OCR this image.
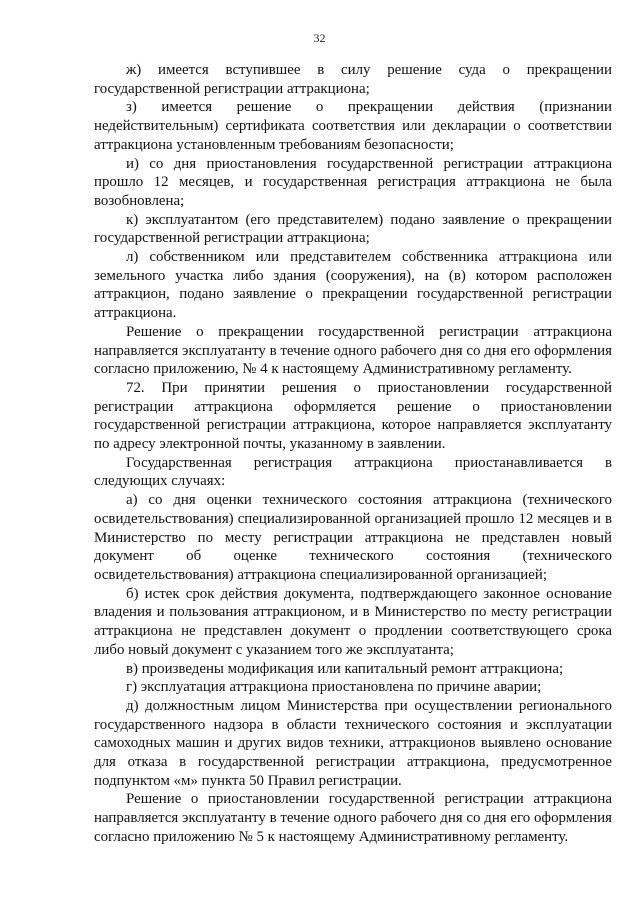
32

ж) имеется вступившее в силу решение суда о прекращении государственной регистрации аттракциона;

з) имеется решение о прекращении действия (признании недействительным) сертификата соответствия или декларации о соответствии аттракциона установленным требованиям безопасности;

и) со дня приостановления государственной регистрации аттракциона прошло 12 месяцев, и государственная регистрация аттракциона не была возобновлена;

к) эксплуатантом (его представителем) подано заявление о прекращении государственной регистрации аттракциона;

л) собственником или представителем собственника аттракциона или земельного участка либо здания (сооружения), на (в) котором расположен аттракцион, подано заявление о прекращении государственной регистрации аттракциона.

Решение о прекращении государственной регистрации аттракциона направляется эксплуатанту в течение одного рабочего дня со дня его оформления согласно приложению, № 4 к настоящему Административному регламенту.

72. При принятии решения о приостановлении государственной регистрации аттракциона оформляется решение о приостановлении государственной регистрации аттракциона, которое направляется эксплуатанту по адресу электронной почты, указанному в заявлении.

Государственная регистрация аттракциона приостанавливается в следующих случаях:

а) со дня оценки технического состояния аттракциона (технического освидетельствования) специализированной организацией прошло 12 месяцев и в Министерство по месту регистрации аттракциона не представлен новый документ об оценке технического состояния (технического освидетельствования) аттракциона специализированной организацией;

б) истек срок действия документа, подтверждающего законное основание владения и пользования аттракционом, и в Министерство по месту регистрации аттракциона не представлен документ о продлении соответствующего срока либо новый документ с указанием того же эксплуатанта;

в) произведены модификация или капитальный ремонт аттракциона;

г) эксплуатация аттракциона приостановлена по причине аварии;

д) должностным лицом Министерства при осуществлении регионального государственного надзора в области технического состояния и эксплуатации самоходных машин и других видов техники, аттракционов выявлено основание для отказа в государственной регистрации аттракциона, предусмотренное подпунктом «м» пункта 50 Правил регистрации.

Решение о приостановлении государственной регистрации аттракциона направляется эксплуатанту в течение одного рабочего дня со дня его оформления согласно приложению № 5 к настоящему Административному регламенту.
